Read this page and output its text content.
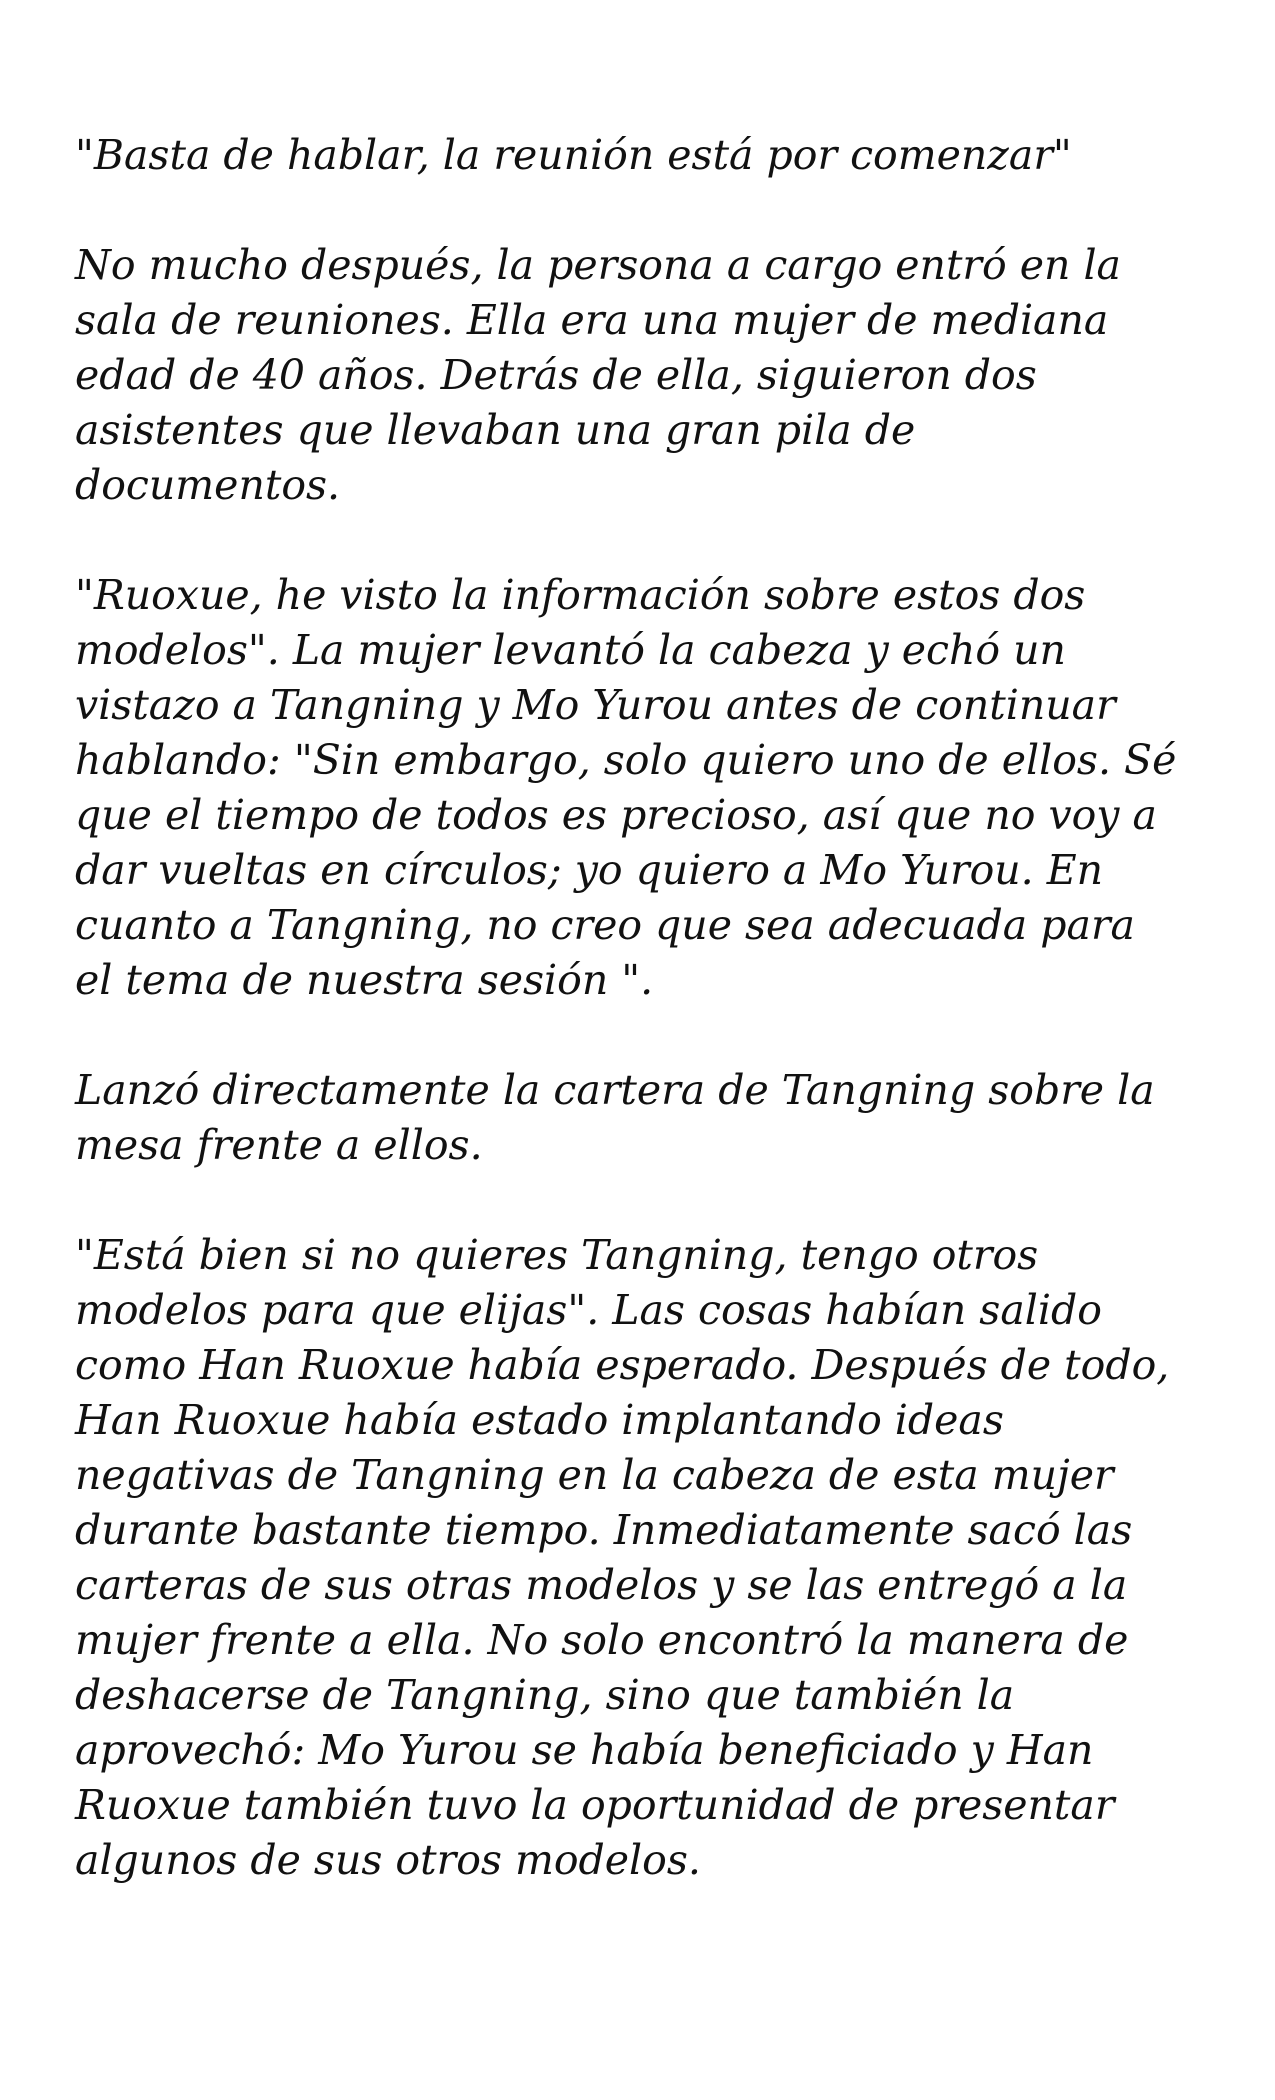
"Basta de hablar, la reunión está por comenzar"

No mucho después, la persona a cargo entró en la
sala de reuniones. Ella era una mujer de mediana
edad de 40 años. Detrás de ella, siguieron dos
asistentes que llevaban una gran pila de
documentos.

"Ruoxue, he visto la información sobre estos dos
modelos". La mujer levantó la cabeza y echó un
vistazo a Tangning y Mo Yurou antes de continuar
hablando: "Sin embargo, solo quiero uno de ellos. Sé
que el tiempo de todos es precioso, así que no voy a
dar vueltas en círculos; yo quiero a Mo Yurou. En
cuanto a Tangning, no creo que sea adecuada para
el tema de nuestra sesión ".

Lanzó directamente la cartera de Tangning sobre la
mesa frente a ellos.

"Está bien si no quieres Tangning, tengo otros
modelos para que elijas". Las cosas habían salido
como Han Ruoxue había esperado. Después de todo,
Han Ruoxue había estado implantando ideas
negativas de Tangning en la cabeza de esta mujer
durante bastante tiempo. Inmediatamente sacó las
carteras de sus otras modelos y se las entregó a la
mujer frente a ella. No solo encontró la manera de
deshacerse de Tangning, sino que también la
aprovechó: Mo Yurou se había beneficiado y Han
Ruoxue también tuvo la oportunidad de presentar
algunos de sus otros modelos.
